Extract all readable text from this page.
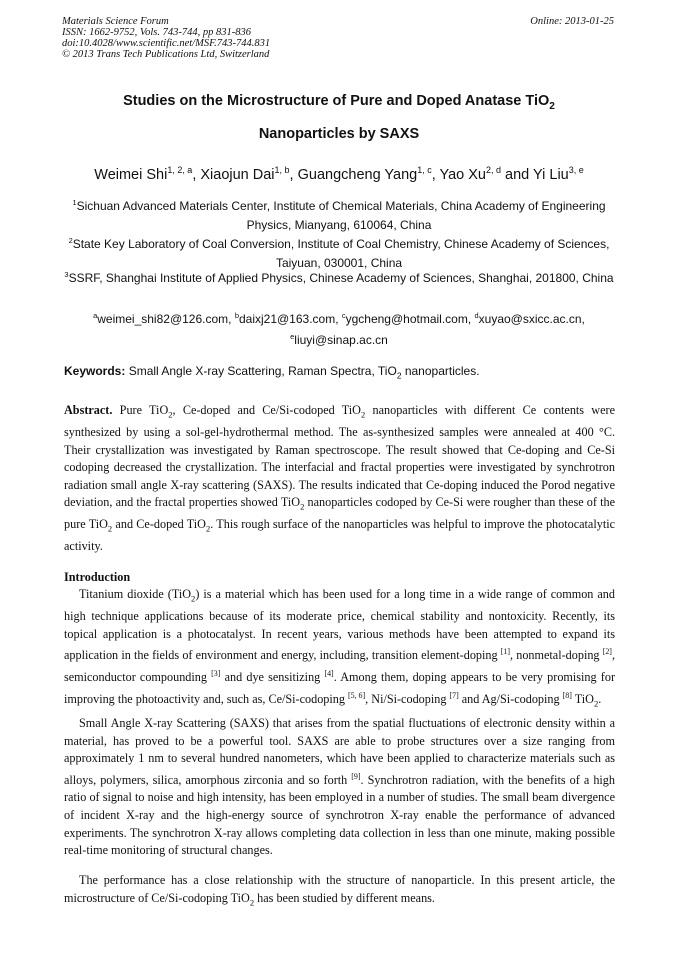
Materials Science Forum
ISSN: 1662-9752, Vols. 743-744, pp 831-836
doi:10.4028/www.scientific.net/MSF.743-744.831
© 2013 Trans Tech Publications Ltd, Switzerland
Online: 2013-01-25
Studies on the Microstructure of Pure and Doped Anatase TiO$_2$
Nanoparticles by SAXS
Weimei Shi$^{1, 2, a}$, Xiaojun Dai$^{1, b}$, Guangcheng Yang$^{1, c}$, Yao Xu$^{2, d}$ and Yi Liu$^{3, e}$
$^1$Sichuan Advanced Materials Center, Institute of Chemical Materials, China Academy of Engineering Physics, Mianyang, 610064, China
$^2$State Key Laboratory of Coal Conversion, Institute of Coal Chemistry, Chinese Academy of Sciences, Taiyuan, 030001, China
$^3$SSRF, Shanghai Institute of Applied Physics, Chinese Academy of Sciences, Shanghai, 201800, China
$^a$weimei_shi82@126.com, $^b$daixj21@163.com, $^c$ygcheng@hotmail.com, $^d$xuyao@sxicc.ac.cn, $^e$liuyi@sinap.ac.cn
Keywords: Small Angle X-ray Scattering, Raman Spectra, TiO$_2$ nanoparticles.
Abstract. Pure TiO$_2$, Ce-doped and Ce/Si-codoped TiO$_2$ nanoparticles with different Ce contents were synthesized by using a sol-gel-hydrothermal method. The as-synthesized samples were annealed at 400 °C. Their crystallization was investigated by Raman spectroscope. The result showed that Ce-doping and Ce-Si codoping decreased the crystallization. The interfacial and fractal properties were investigated by synchrotron radiation small angle X-ray scattering (SAXS). The results indicated that Ce-doping induced the Porod negative deviation, and the fractal properties showed TiO$_2$ nanoparticles codoped by Ce-Si were rougher than these of the pure TiO$_2$ and Ce-doped TiO$_2$. This rough surface of the nanoparticles was helpful to improve the photocatalytic activity.
Introduction
Titanium dioxide (TiO$_2$) is a material which has been used for a long time in a wide range of common and high technique applications because of its moderate price, chemical stability and nontoxicity. Recently, its topical application is a photocatalyst. In recent years, various methods have been attempted to expand its application in the fields of environment and energy, including, transition element-doping [1], nonmetal-doping [2], semiconductor compounding [3] and dye sensitizing [4]. Among them, doping appears to be very promising for improving the photoactivity and, such as, Ce/Si-codoping [5, 6], Ni/Si-codoping [7] and Ag/Si-codoping [8] TiO$_2$.
Small Angle X-ray Scattering (SAXS) that arises from the spatial fluctuations of electronic density within a material, has proved to be a powerful tool. SAXS are able to probe structures over a size ranging from approximately 1 nm to several hundred nanometers, which have been applied to characterize materials such as alloys, polymers, silica, amorphous zirconia and so forth [9]. Synchrotron radiation, with the benefits of a high ratio of signal to noise and high intensity, has been employed in a number of studies. The small beam divergence of incident X-ray and the high-energy source of synchrotron X-ray enable the performance of advanced experiments. The synchrotron X-ray allows completing data collection in less than one minute, making possible real-time monitoring of structural changes.
The performance has a close relationship with the structure of nanoparticle. In this present article, the microstructure of Ce/Si-codoping TiO$_2$ has been studied by different means.
